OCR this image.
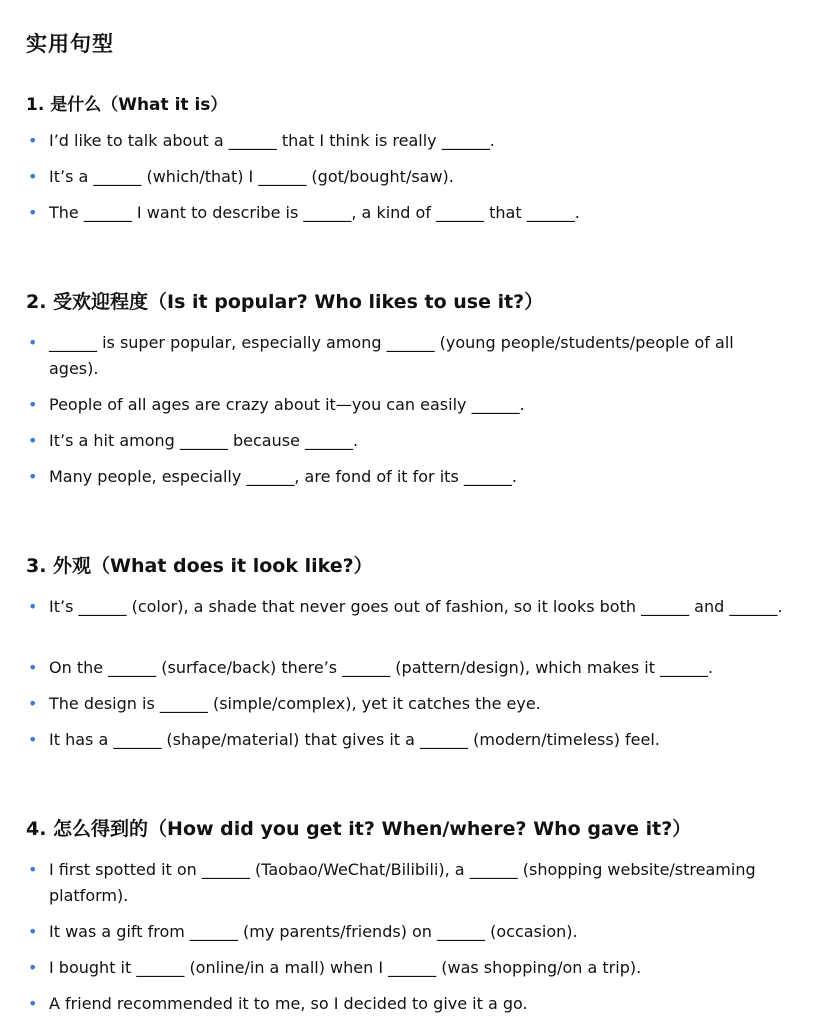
实用句型
1. 是什么（What it is）
• I’d like to talk about a ______ that I think is really ______.
• It’s a ______ (which/that) I ______ (got/bought/saw).
• The ______ I want to describe is ______, a kind of ______ that ______.
2. 受欢迎程度（Is it popular? Who likes to use it?）
• ______ is super popular, especially among ______ (young people/students/people of all ages).
• People of all ages are crazy about it—you can easily ______.
• It’s a hit among ______ because ______.
• Many people, especially ______, are fond of it for its ______.
3. 外观（What does it look like?）
• It’s ______ (color), a shade that never goes out of fashion, so it looks both ______ and ______.
• On the ______ (surface/back) there’s ______ (pattern/design), which makes it ______.
• The design is ______ (simple/complex), yet it catches the eye.
• It has a ______ (shape/material) that gives it a ______ (modern/timeless) feel.
4. 怎么得到的（How did you get it? When/where? Who gave it?）
• I first spotted it on ______ (Taobao/WeChat/Bilibili), a ______ (shopping website/streaming platform).
• It was a gift from ______ (my parents/friends) on ______ (occasion).
• I bought it ______ (online/in a mall) when I ______ (was shopping/on a trip).
• A friend recommended it to me, so I decided to give it a go.
